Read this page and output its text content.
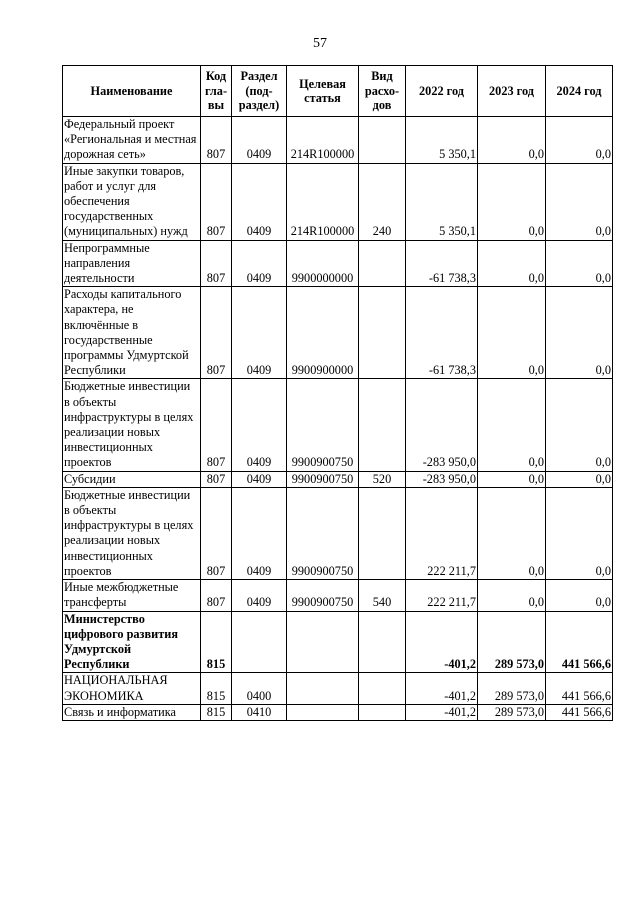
57
Наименование	Код гла-вы	Раздел (под-раздел)	Целевая статья	Вид расхо-дов	2022 год	2023 год	2024 год
Федеральный проект «Региональная и местная дорожная сеть»	807	0409	214R100000		5 350,1	0,0	0,0
Иные закупки товаров, работ и услуг для обеспечения государственных (муниципальных) нужд	807	0409	214R100000	240	5 350,1	0,0	0,0
Непрограммные направления деятельности	807	0409	9900000000		-61 738,3	0,0	0,0
Расходы капитального характера, не включённые в государственные программы Удмуртской Республики	807	0409	9900900000		-61 738,3	0,0	0,0
Бюджетные инвестиции в объекты инфраструктуры в целях реализации новых инвестиционных проектов	807	0409	9900900750		-283 950,0	0,0	0,0
Субсидии	807	0409	9900900750	520	-283 950,0	0,0	0,0
Бюджетные инвестиции в объекты инфраструктуры в целях реализации новых инвестиционных проектов	807	0409	9900900750		222 211,7	0,0	0,0
Иные межбюджетные трансферты	807	0409	9900900750	540	222 211,7	0,0	0,0
Министерство цифрового развития Удмуртской Республики	815				-401,2	289 573,0	441 566,6
НАЦИОНАЛЬНАЯ ЭКОНОМИКА	815	0400			-401,2	289 573,0	441 566,6
Связь и информатика	815	0410			-401,2	289 573,0	441 566,6
